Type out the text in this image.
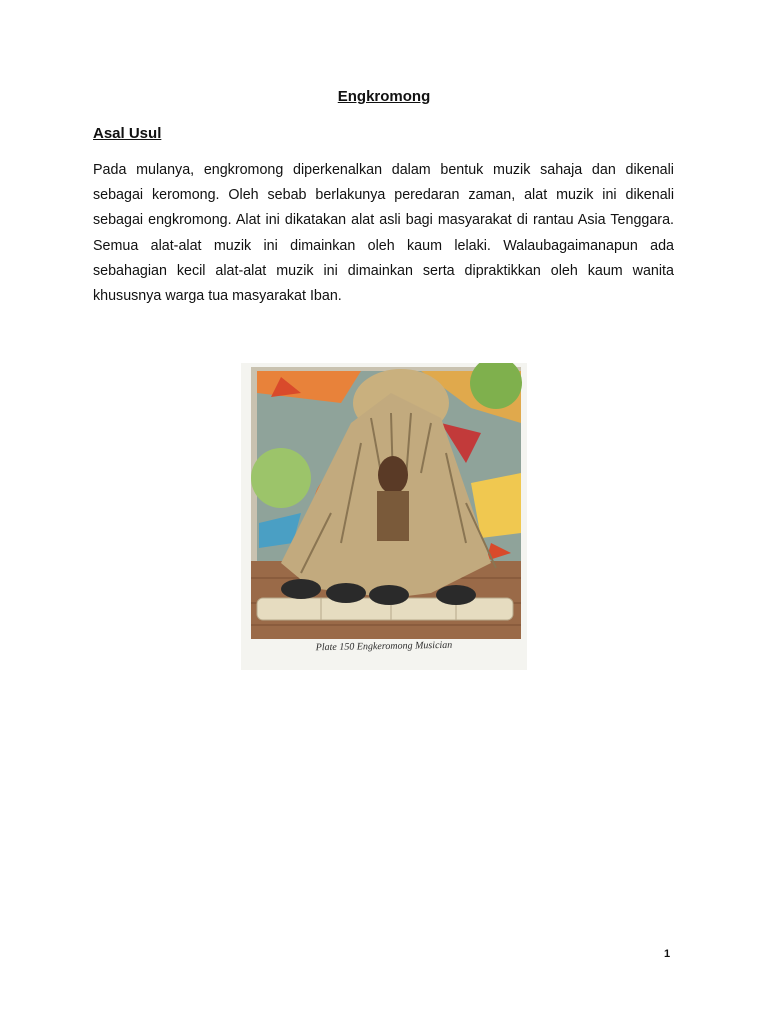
Engkromong
Asal Usul

Pada mulanya, engkromong diperkenalkan dalam bentuk muzik sahaja dan dikenali sebagai keromong. Oleh sebab berlakunya peredaran zaman, alat muzik ini dikenali sebagai engkromong. Alat ini dikatakan alat asli bagi masyarakat di rantau Asia Tenggara. Semua alat-alat muzik ini dimainkan oleh kaum lelaki. Walaubagaimanapun ada sebahagian kecil alat-alat muzik ini dimainkan serta dipraktikkan oleh kaum wanita khususnya warga tua masyarakat Iban.

Plate 150 Engkeromong Musician

1
